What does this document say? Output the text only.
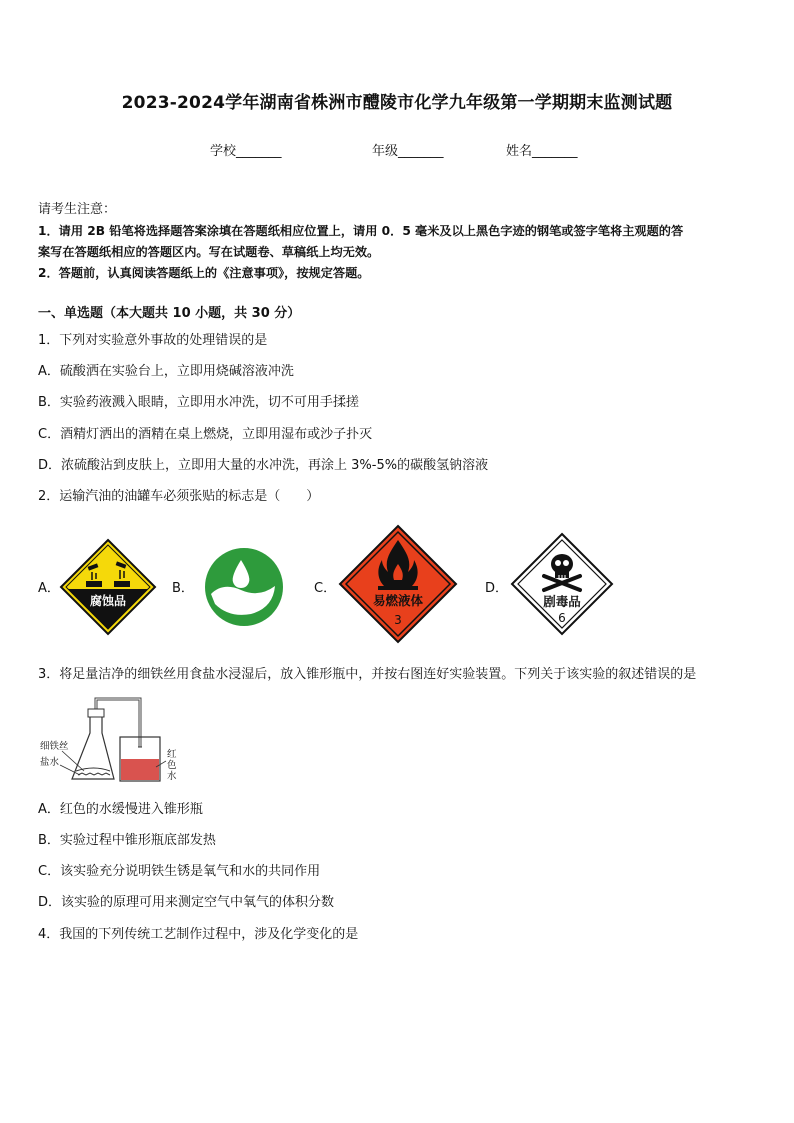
2023-2024学年湖南省株洲市醴陵市化学九年级第一学期期末监测试题
学校_______	年级_______	姓名_______
请考生注意：
1．请用 2B 铅笔将选择题答案涂填在答题纸相应位置上，请用 0．5 毫米及以上黑色字迹的钢笔或签字笔将主观题的答
案写在答题纸相应的答题区内。写在试题卷、草稿纸上均无效。
2．答题前，认真阅读答题纸上的《注意事项》，按规定答题。
一、单选题（本大题共 10 小题，共 30 分）
1．下列对实验意外事故的处理错误的是
A．硫酸洒在实验台上，立即用烧碱溶液冲洗
B．实验药液溅入眼睛，立即用水冲洗，切不可用手揉搓
C．酒精灯洒出的酒精在桌上燃烧，立即用湿布或沙子扑灭
D．浓硫酸沾到皮肤上，立即用大量的水冲洗，再涂上 3%-5%的碳酸氢钠溶液
2．运输汽油的油罐车必须张贴的标志是（　　）
A．
腐蚀品
B．	C．
易燃液体
3
D．
剧毒品
6
3．将足量洁净的细铁丝用食盐水浸湿后，放入锥形瓶中，并按右图连好实验装置。下列关于该实验的叙述错误的是
细铁丝
盐水
红
色
水
A．红色的水缓慢进入锥形瓶
B．实验过程中锥形瓶底部发热
C．该实验充分说明铁生锈是氧气和水的共同作用
D．该实验的原理可用来测定空气中氧气的体积分数
4．我国的下列传统工艺制作过程中，涉及化学变化的是
